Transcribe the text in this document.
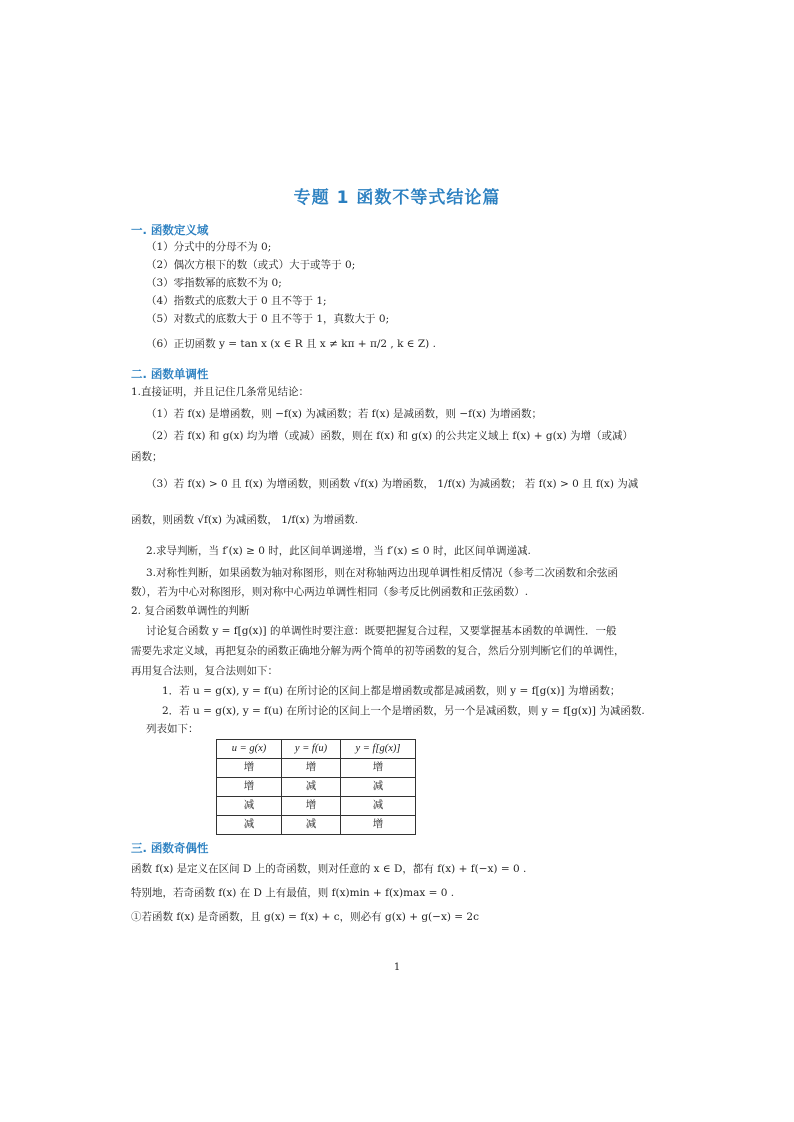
专题 1 函数不等式结论篇
一. 函数定义域
（1）分式中的分母不为 0;
（2）偶次方根下的数（或式）大于或等于 0;
（3）零指数幂的底数不为 0;
（4）指数式的底数大于 0 且不等于 1;
（5）对数式的底数大于 0 且不等于 1，真数大于 0;
（6）正切函数 y = tan x (x ∈ R 且 x ≠ kπ + π/2 , k ∈ Z) .
二. 函数单调性
1.直接证明，并且记住几条常见结论：
（1）若 f(x) 是增函数，则 −f(x) 为减函数；若 f(x) 是减函数，则 −f(x) 为增函数；
（2）若 f(x) 和 g(x) 均为增（或减）函数，则在 f(x) 和 g(x) 的公共定义域上 f(x) + g(x) 为增（或减）
函数；
（3）若 f(x) > 0 且 f(x) 为增函数，则函数 √f(x) 为增函数， 1/f(x) 为减函数； 若 f(x) > 0 且 f(x) 为减
函数，则函数 √f(x) 为减函数， 1/f(x) 为增函数.
2.求导判断，当 f′(x) ≥ 0 时，此区间单调递增，当 f′(x) ≤ 0 时，此区间单调递减.
3.对称性判断，如果函数为轴对称图形，则在对称轴两边出现单调性相反情况（参考二次函数和余弦函
数），若为中心对称图形，则对称中心两边单调性相同（参考反比例函数和正弦函数）.
2. 复合函数单调性的判断
讨论复合函数 y = f[g(x)] 的单调性时要注意：既要把握复合过程，又要掌握基本函数的单调性．一般
需要先求定义域，再把复杂的函数正确地分解为两个简单的初等函数的复合，然后分别判断它们的单调性，
再用复合法则，复合法则如下：
1．若 u = g(x), y = f(u) 在所讨论的区间上都是增函数或都是减函数，则 y = f[g(x)] 为增函数；
2．若 u = g(x), y = f(u) 在所讨论的区间上一个是增函数，另一个是减函数，则 y = f[g(x)] 为减函数.
列表如下：
u = g(x)	y = f(u)	y = f[g(x)]
增	增	增
增	减	减
减	增	减
减	减	增
三. 函数奇偶性
函数 f(x) 是定义在区间 D 上的奇函数，则对任意的 x ∈ D，都有 f(x) + f(−x) = 0 .
特别地，若奇函数 f(x) 在 D 上有最值，则 f(x)min + f(x)max = 0 .
①若函数 f(x) 是奇函数，且 g(x) = f(x) + c，则必有 g(x) + g(−x) = 2c
1
